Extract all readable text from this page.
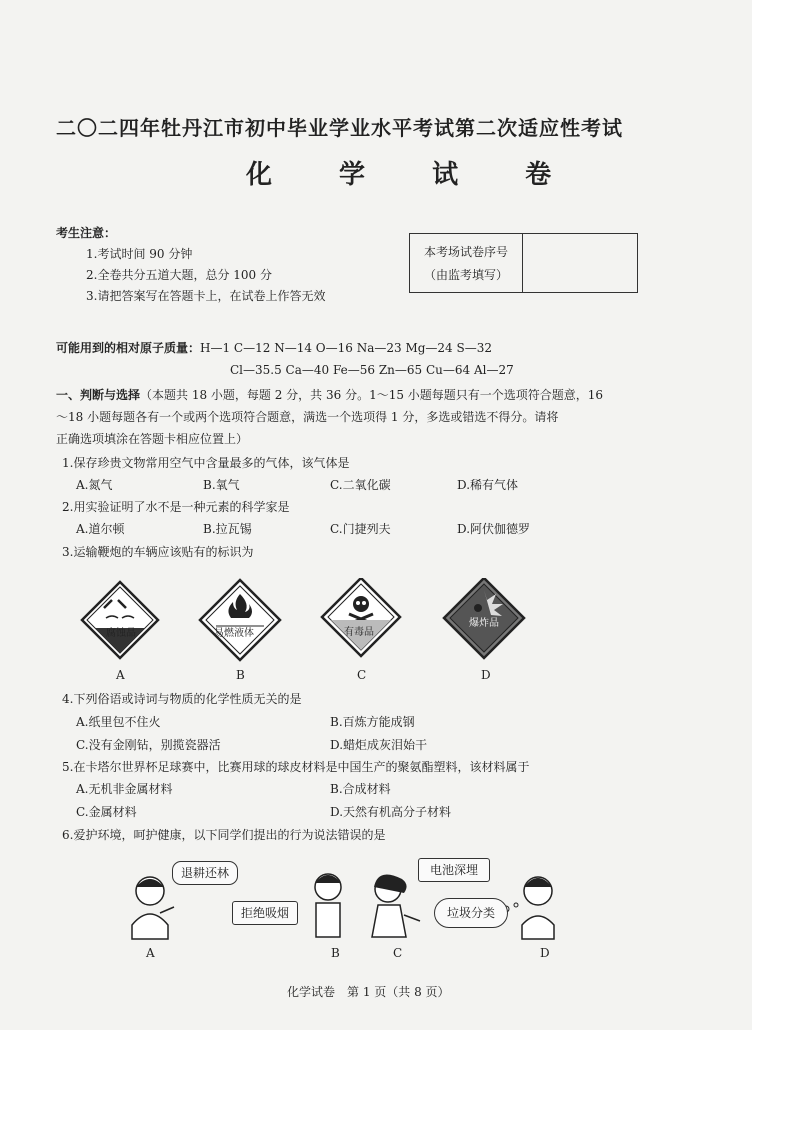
二〇二四年牡丹江市初中毕业学业水平考试第二次适应性考试
化 学 试 卷
考生注意：
1.考试时间 90 分钟
2.全卷共分五道大题，总分 100 分
3.请把答案写在答题卡上，在试卷上作答无效
本考场试卷序号
（由监考填写）
可能用到的相对原子质量：H—1 C—12 N—14 O—16 Na—23 Mg—24 S—32
Cl—35.5 Ca—40 Fe—56 Zn—65 Cu—64 Al—27
一、判断与选择（本题共 18 小题，每题 2 分，共 36 分。1～15 小题每题只有一个选项符合题意，16
～18 小题每题各有一个或两个选项符合题意，满选一个选项得 1 分，多选或错选不得分。请将
正确选项填涂在答题卡相应位置上）
1.保存珍贵文物常用空气中含量最多的气体，该气体是
A.氮气	B.氧气	C.二氧化碳	D.稀有气体
2.用实验证明了水不是一种元素的科学家是
A.道尔顿	B.拉瓦锡	C.门捷列夫	D.阿伏伽德罗
3.运输鞭炮的车辆应该贴有的标识为
腐蚀品	易燃液体	有毒品
爆炸品
A	B	C	D
4.下列俗语或诗词与物质的化学性质无关的是
A.纸里包不住火	B.百炼方能成钢
C.没有金刚钻，别揽瓷器活	D.蜡炬成灰泪始干
5.在卡塔尔世界杯足球赛中，比赛用球的球皮材料是中国生产的聚氨酯塑料，该材料属于
A.无机非金属材料	B.合成材料
C.金属材料	D.天然有机高分子材料
6.爱护环境，呵护健康，以下同学们提出的行为说法错误的是
退耕还林
拒绝吸烟
电池深埋
垃圾分类
A	B	C	D
化学试卷　第 1 页（共 8 页）
